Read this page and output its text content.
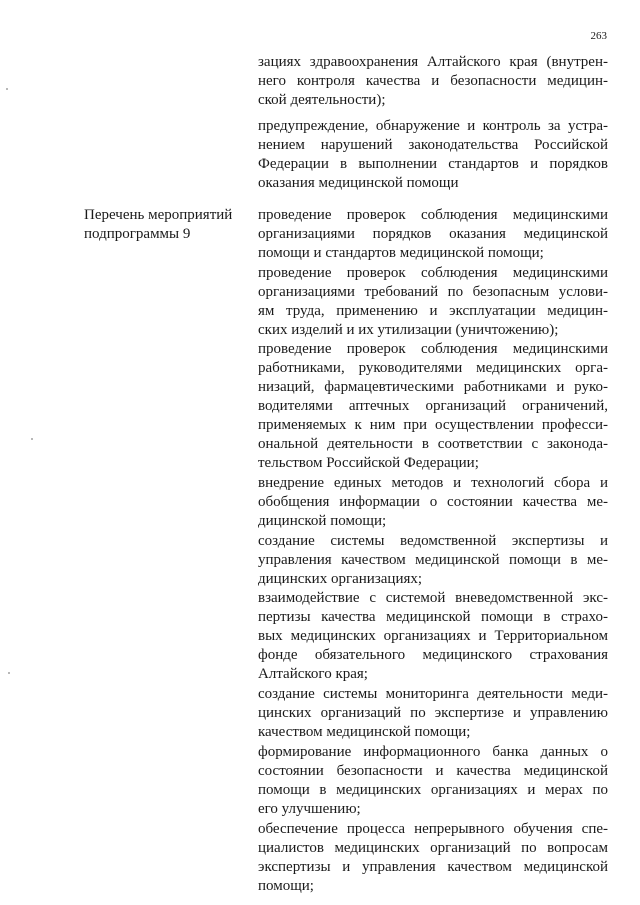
263
зациях здравоохранения Алтайского края (внутрен-
него контроля качества и безопасности медицин-
ской деятельности);
предупреждение, обнаружение и контроль за устра-
нением нарушений законодательства Российской
Федерации в выполнении стандартов и порядков
оказания медицинской помощи
Перечень мероприятий
подпрограммы 9
проведение проверок соблюдения медицинскими
организациями порядков оказания медицинской
помощи и стандартов медицинской помощи;
проведение проверок соблюдения медицинскими
организациями требований по безопасным услови-
ям труда, применению и эксплуатации медицин-
ских изделий и их утилизации (уничтожению);
проведение проверок соблюдения медицинскими
работниками, руководителями медицинских орга-
низаций, фармацевтическими работниками и руко-
водителями аптечных организаций ограничений,
применяемых к ним при осуществлении професси-
ональной деятельности в соответствии с законода-
тельством Российской Федерации;
внедрение единых методов и технологий сбора и
обобщения информации о состоянии качества ме-
дицинской помощи;
создание системы ведомственной экспертизы и
управления качеством медицинской помощи в ме-
дицинских организациях;
взаимодействие с системой вневедомственной экс-
пертизы качества медицинской помощи в страхо-
вых медицинских организациях и Территориальном
фонде обязательного медицинского страхования
Алтайского края;
создание системы мониторинга деятельности меди-
цинских организаций по экспертизе и управлению
качеством медицинской помощи;
формирование информационного банка данных о
состоянии безопасности и качества медицинской
помощи в медицинских организациях и мерах по
его улучшению;
обеспечение процесса непрерывного обучения спе-
циалистов медицинских организаций по вопросам
экспертизы и управления качеством медицинской
помощи;
